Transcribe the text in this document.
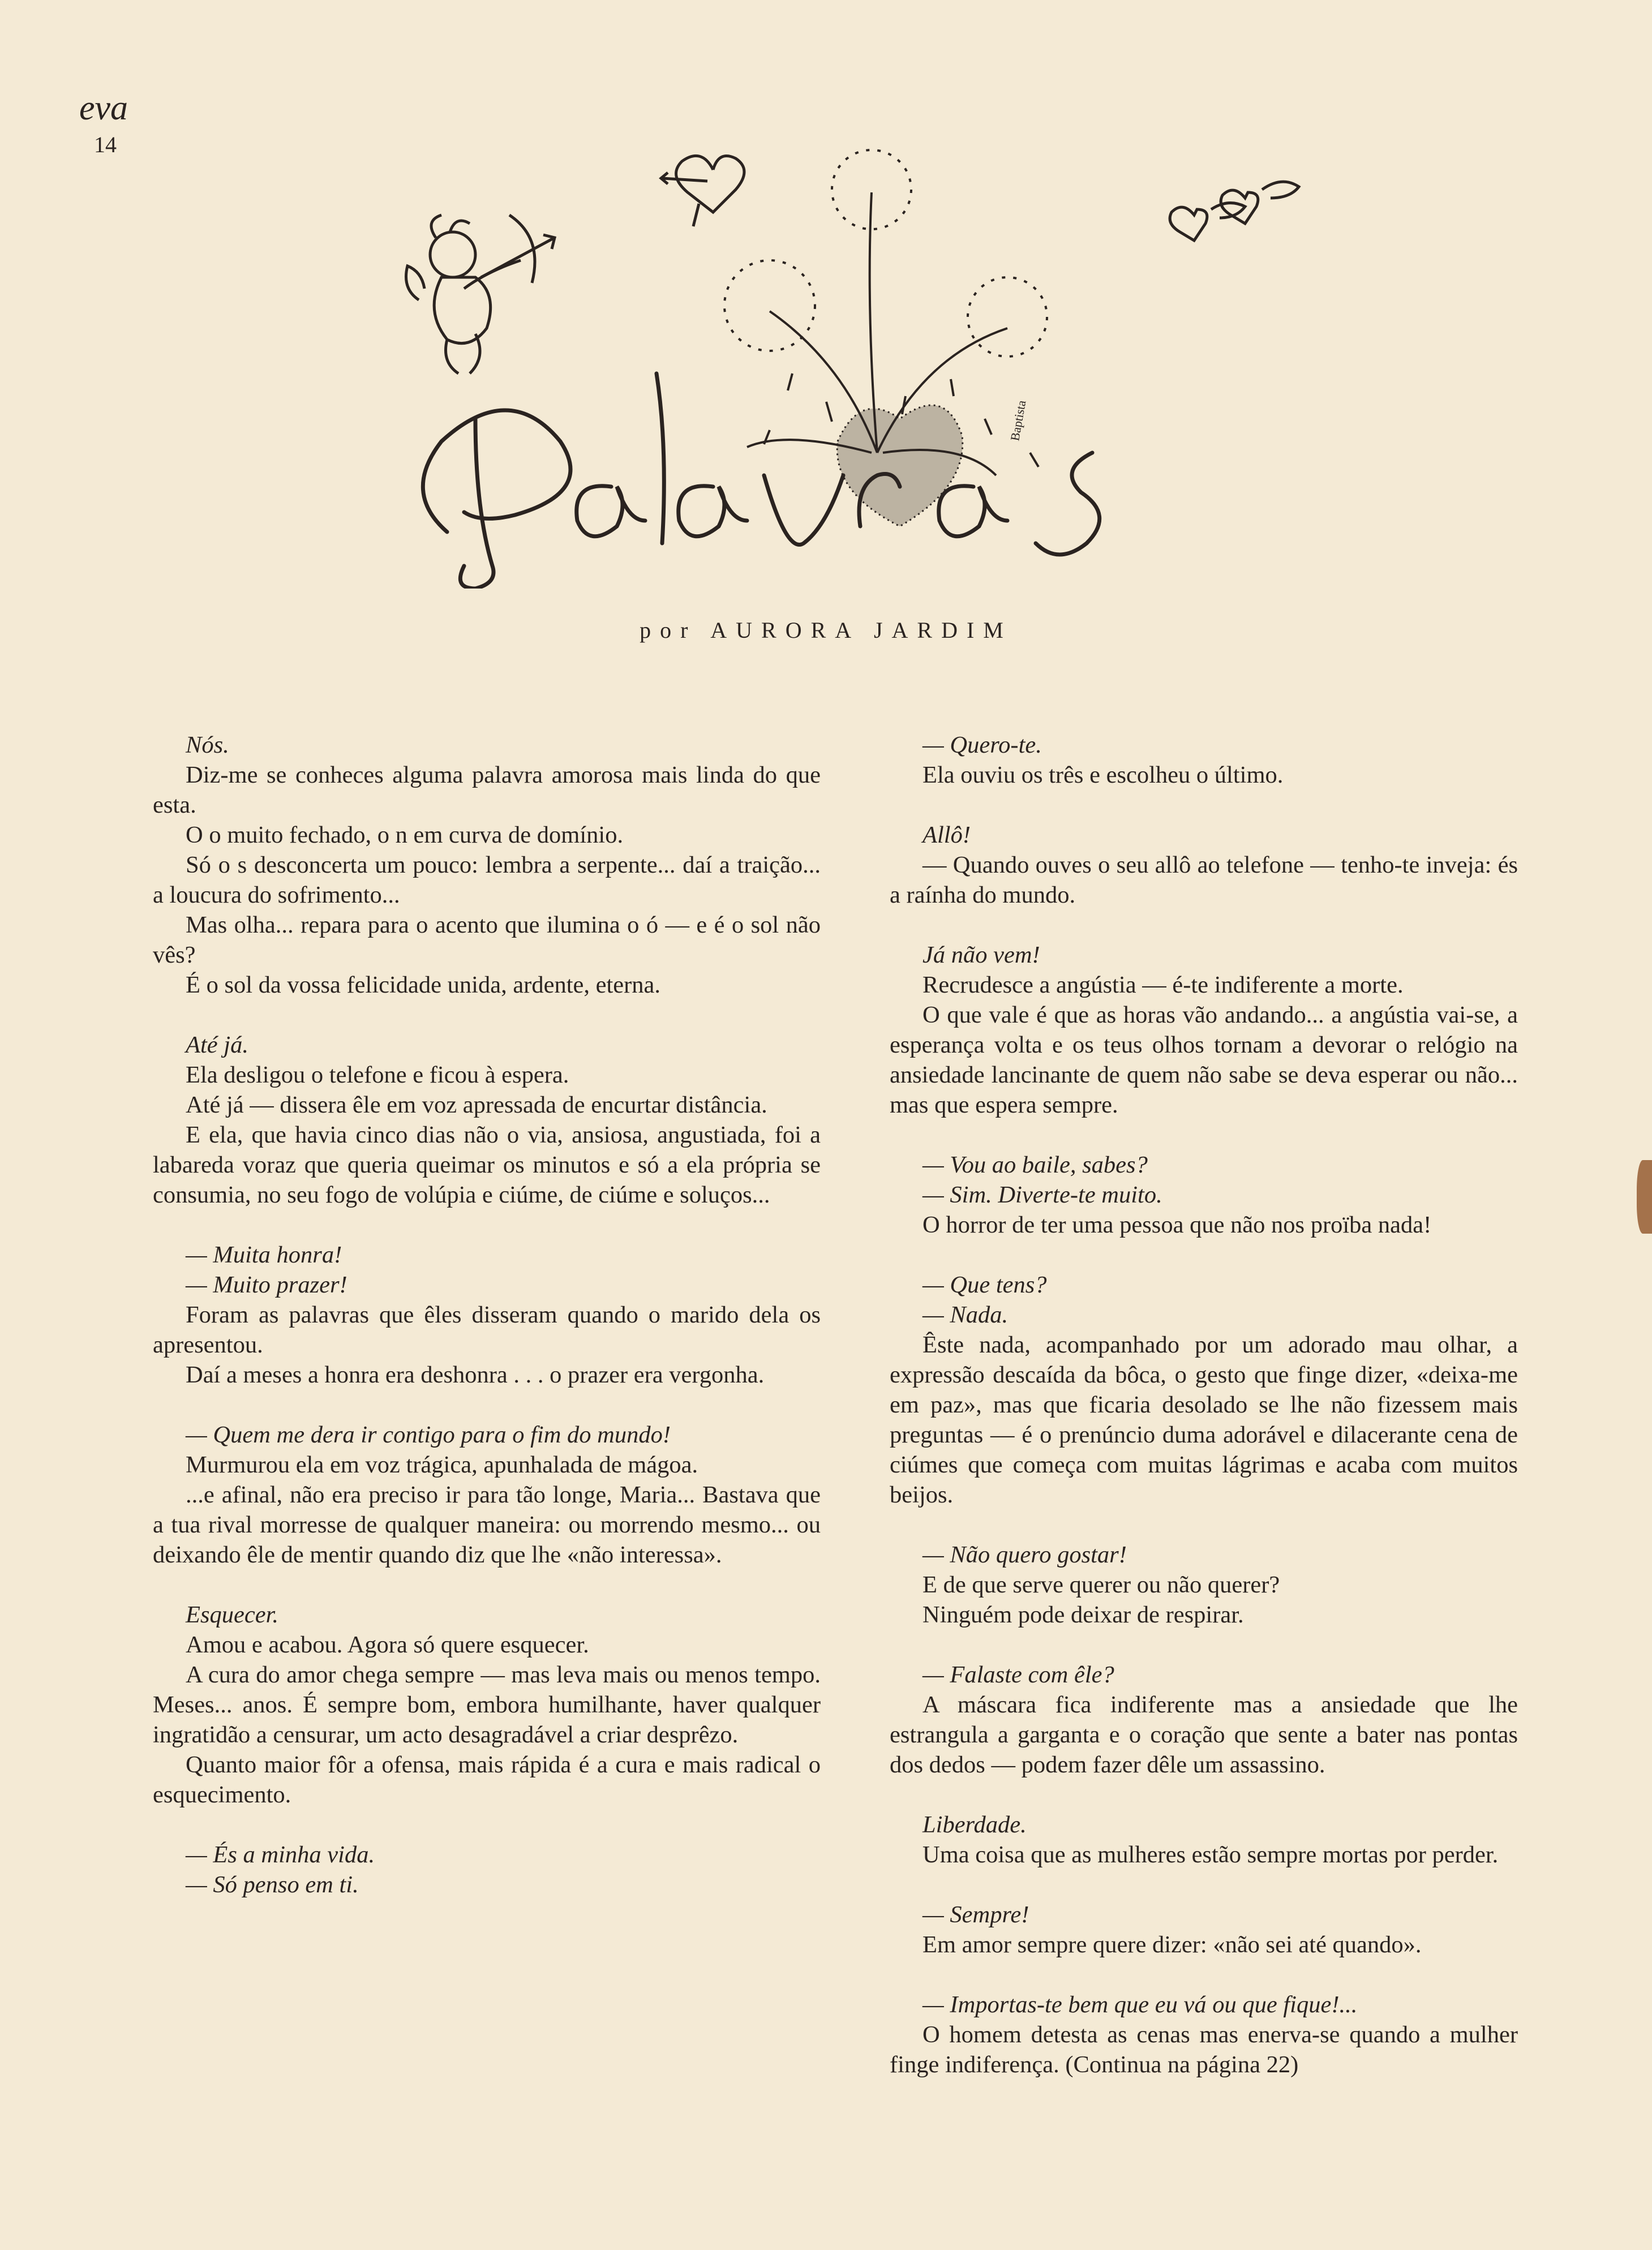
eva
14
Baptista
por AURORA JARDIM
Nós.

Diz-me se conheces alguma palavra amorosa mais linda do que esta.

O o muito fechado, o n em curva de domínio.

Só o s desconcerta um pouco: lembra a serpente... daí a traição... a loucura do sofrimento...

Mas olha... repara para o acento que ilumina o ó — e é o sol não vês?

É o sol da vossa felicidade unida, ardente, eterna.

Até já.

Ela desligou o telefone e ficou à espera.

Até já — dissera êle em voz apressada de encurtar distância.

E ela, que havia cinco dias não o via, ansiosa, angustiada, foi a labareda voraz que queria queimar os minutos e só a ela própria se consumia, no seu fogo de volúpia e ciúme, de ciúme e soluços...

— Muita honra!

— Muito prazer!

Foram as palavras que êles disseram quando o marido dela os apresentou.

Daí a meses a honra era deshonra . . . o prazer era vergonha.

— Quem me dera ir contigo para o fim do mundo!

Murmurou ela em voz trágica, apunhalada de mágoa.

...e afinal, não era preciso ir para tão longe, Maria... Bastava que a tua rival morresse de qualquer maneira: ou morrendo mesmo... ou deixando êle de mentir quando diz que lhe «não interessa».

Esquecer.

Amou e acabou. Agora só quere esquecer.

A cura do amor chega sempre — mas leva mais ou menos tempo. Meses... anos. É sempre bom, embora humilhante, haver qualquer ingratidão a censurar, um acto desagradável a criar desprêzo.

Quanto maior fôr a ofensa, mais rápida é a cura e mais radical o esquecimento.

— És a minha vida.

— Só penso em ti.

— Quero-te.

Ela ouviu os três e escolheu o último.

Allô!

— Quando ouves o seu allô ao telefone — tenho-te inveja: és a raínha do mundo.

Já não vem!

Recrudesce a angústia — é-te indiferente a morte.

O que vale é que as horas vão andando... a angústia vai-se, a esperança volta e os teus olhos tornam a devorar o relógio na ansiedade lancinante de quem não sabe se deva esperar ou não... mas que espera sempre.

— Vou ao baile, sabes?

— Sim. Diverte-te muito.

O horror de ter uma pessoa que não nos proïba nada!

— Que tens?

— Nada.

Êste nada, acompanhado por um adorado mau olhar, a expressão descaída da bôca, o gesto que finge dizer, «deixa-me em paz», mas que ficaria desolado se lhe não fizessem mais preguntas — é o prenúncio duma adorável e dilacerante cena de ciúmes que começa com muitas lágrimas e acaba com muitos beijos.

— Não quero gostar!

E de que serve querer ou não querer?

Ninguém pode deixar de respirar.

— Falaste com êle?

A máscara fica indiferente mas a ansiedade que lhe estrangula a garganta e o coração que sente a bater nas pontas dos dedos — podem fazer dêle um assassino.

Liberdade.

Uma coisa que as mulheres estão sempre mortas por perder.

— Sempre!

Em amor sempre quere dizer: «não sei até quando».

— Importas-te bem que eu vá ou que fique!...

O homem detesta as cenas mas enerva-se quando a mulher finge indiferença. (Continua na página 22)
